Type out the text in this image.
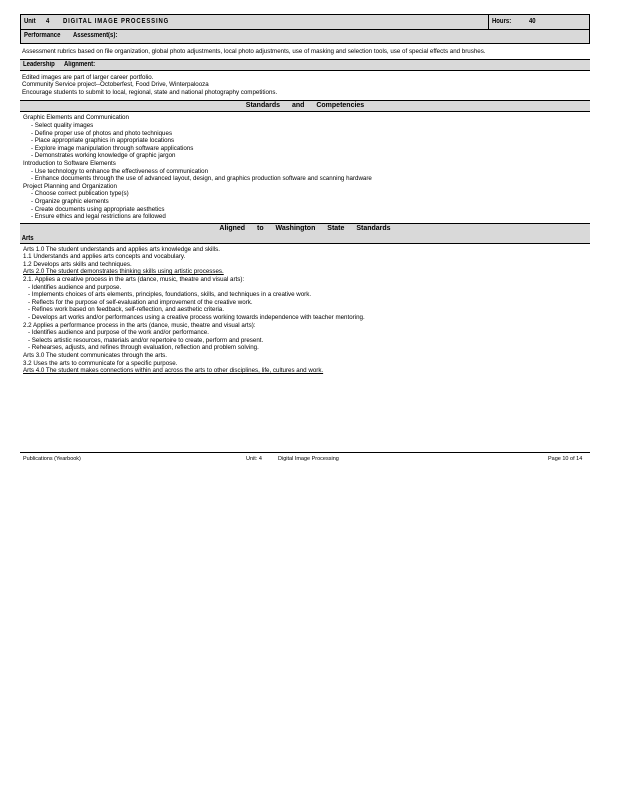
Unit 4 DIGITAL IMAGE PROCESSING	Hours:	40
Performance Assessment(s):
Assessment rubrics based on file organization, global photo adjustments, local photo adjustments, use of masking and selection tools, use of special effects and brushes.
Leadership Alignment:
Edited images are part of larger career portfolio.
Community Service project--Octoberfest, Food Drive, Winterpalooza
Encourage students to submit to local, regional, state and national photography competitions.
Standards and Competencies
Graphic Elements and Communication
- Select quality images
- Define proper use of photos and photo techniques
- Place appropriate graphics in appropriate locations
- Explore image manipulation through software applications
- Demonstrates working knowledge of graphic jargon
Introduction to Software Elements
- Use technology to enhance the effectiveness of communication
- Enhance documents through the use of advanced layout, design, and graphics production software and scanning hardware
Project Planning and Organization
- Choose correct publication type(s)
- Organize graphic elements
- Create documents using appropriate aesthetics
- Ensure ethics and legal restrictions are followed
Aligned to Washington State Standards
Arts
Arts 1.0 The student understands and applies arts knowledge and skills.
1.1 Understands and applies arts concepts and vocabulary.
1.2 Develops arts skills and techniques.
Arts 2.0 The student demonstrates thinking skills using artistic processes.
2.1. Applies a creative process in the arts (dance, music, theatre and visual arts):
- Identifies audience and purpose.
- Implements choices of arts elements, principles, foundations, skills, and techniques in a creative work.
- Reflects for the purpose of self-evaluation and improvement of the creative work.
- Refines work based on feedback, self-reflection, and aesthetic criteria.
- Develops art works and/or performances using a creative process working towards independence with teacher mentoring.
2.2 Applies a performance process in the arts (dance, music, theatre and visual arts):
- Identifies audience and purpose of the work and/or performance.
- Selects artistic resources, materials and/or repertoire to create, perform and present.
- Rehearses, adjusts, and refines through evaluation, reflection and problem solving.
Arts 3.0 The student communicates through the arts.
3.2 Uses the arts to communicate for a specific purpose.
Arts 4.0 The student makes connections within and across the arts to other disciplines, life, cultures and work.
Publications (Yearbook)	Unit: 4	Digital Image Processing	Page 10 of 14
